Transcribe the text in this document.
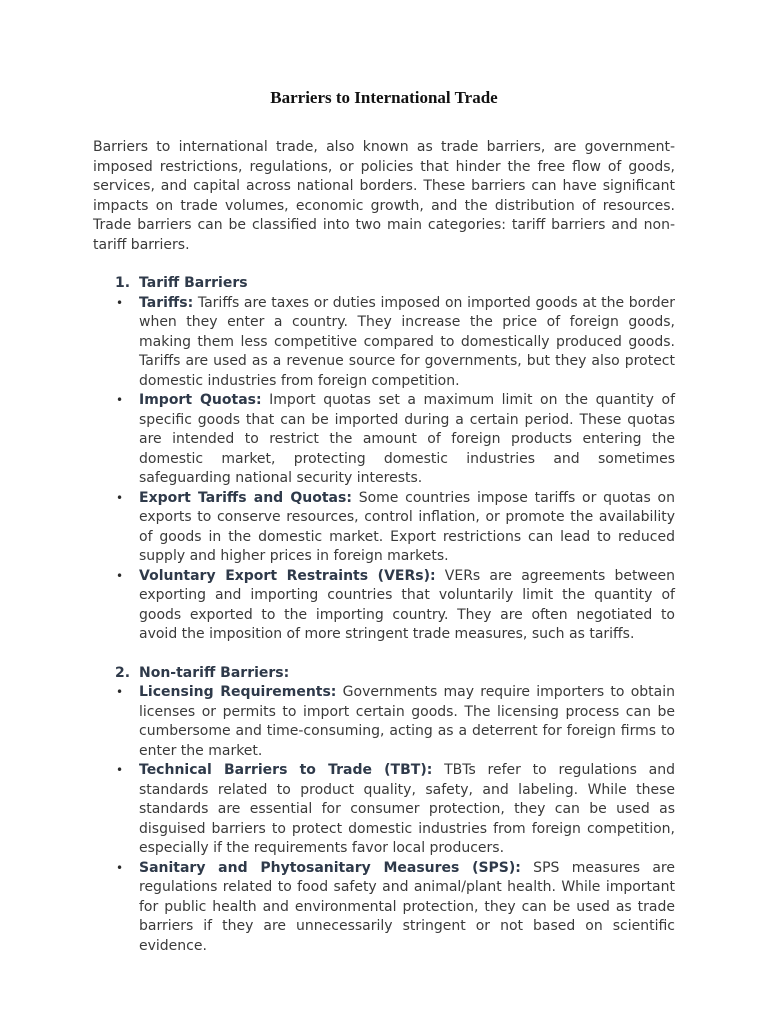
Barriers to International Trade

Barriers to international trade, also known as trade barriers, are government-imposed restrictions, regulations, or policies that hinder the free flow of goods, services, and capital across national borders. These barriers can have significant impacts on trade volumes, economic growth, and the distribution of resources. Trade barriers can be classified into two main categories: tariff barriers and non-tariff barriers.

1. Tariff Barriers
• Tariffs: Tariffs are taxes or duties imposed on imported goods at the border when they enter a country. They increase the price of foreign goods, making them less competitive compared to domestically produced goods. Tariffs are used as a revenue source for governments, but they also protect domestic industries from foreign competition.
• Import Quotas: Import quotas set a maximum limit on the quantity of specific goods that can be imported during a certain period. These quotas are intended to restrict the amount of foreign products entering the domestic market, protecting domestic industries and sometimes safeguarding national security interests.
• Export Tariffs and Quotas: Some countries impose tariffs or quotas on exports to conserve resources, control inflation, or promote the availability of goods in the domestic market. Export restrictions can lead to reduced supply and higher prices in foreign markets.
• Voluntary Export Restraints (VERs): VERs are agreements between exporting and importing countries that voluntarily limit the quantity of goods exported to the importing country. They are often negotiated to avoid the imposition of more stringent trade measures, such as tariffs.
2. Non-tariff Barriers:
• Licensing Requirements: Governments may require importers to obtain licenses or permits to import certain goods. The licensing process can be cumbersome and time-consuming, acting as a deterrent for foreign firms to enter the market.
• Technical Barriers to Trade (TBT): TBTs refer to regulations and standards related to product quality, safety, and labeling. While these standards are essential for consumer protection, they can be used as disguised barriers to protect domestic industries from foreign competition, especially if the requirements favor local producers.
• Sanitary and Phytosanitary Measures (SPS): SPS measures are regulations related to food safety and animal/plant health. While important for public health and environmental protection, they can be used as trade barriers if they are unnecessarily stringent or not based on scientific evidence.
